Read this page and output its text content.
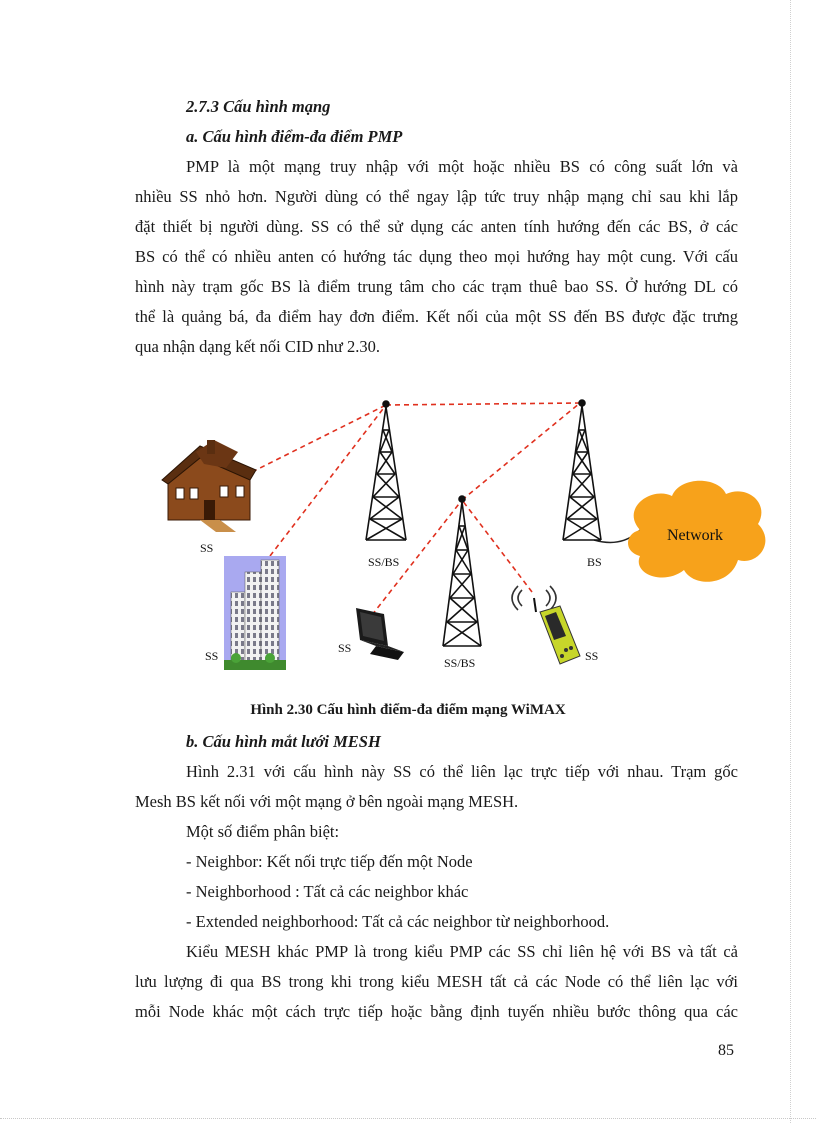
2.7.3 Cấu hình mạng
a. Cấu hình điểm-đa điểm PMP
PMP là một mạng truy nhập với một hoặc nhiều BS có công suất lớn và
nhiều SS nhỏ hơn. Người dùng có thể ngay lập tức truy nhập mạng chỉ sau khi lắp
đặt thiết bị người dùng. SS có thể sử dụng các anten tính hướng đến các BS, ở các
BS có thể có nhiều anten có hướng tác dụng theo mọi hướng hay một cung. Với cấu
hình này trạm gốc BS là điểm trung tâm cho các trạm thuê bao SS. Ở hướng DL có
thể là quảng bá, đa điểm hay đơn điểm. Kết nối của một SS đến BS được đặc trưng
qua nhận dạng kết nối CID như 2.30.
SS/BS	BS
SS/BS
SS
SS
SS
SS
Network
Hình 2.30 Cấu hình điểm-đa điểm mạng WiMAX
b. Cấu hình mắt lưới MESH
Hình 2.31 với cấu hình này SS có thể liên lạc trực tiếp với nhau. Trạm gốc
Mesh BS kết nối với một mạng ở bên ngoài mạng MESH.
Một số điểm phân biệt:
- Neighbor: Kết nối trực tiếp đến một Node
- Neighborhood : Tất cả các neighbor khác
- Extended neighborhood: Tất cả các neighbor từ neighborhood.
Kiểu MESH khác PMP là trong kiểu PMP các SS chỉ liên hệ với BS và tất cả
lưu lượng đi qua BS trong khi trong kiểu MESH tất cả các Node có thể liên lạc với
mỗi Node khác một cách trực tiếp hoặc bằng định tuyến nhiều bước thông qua các
85
